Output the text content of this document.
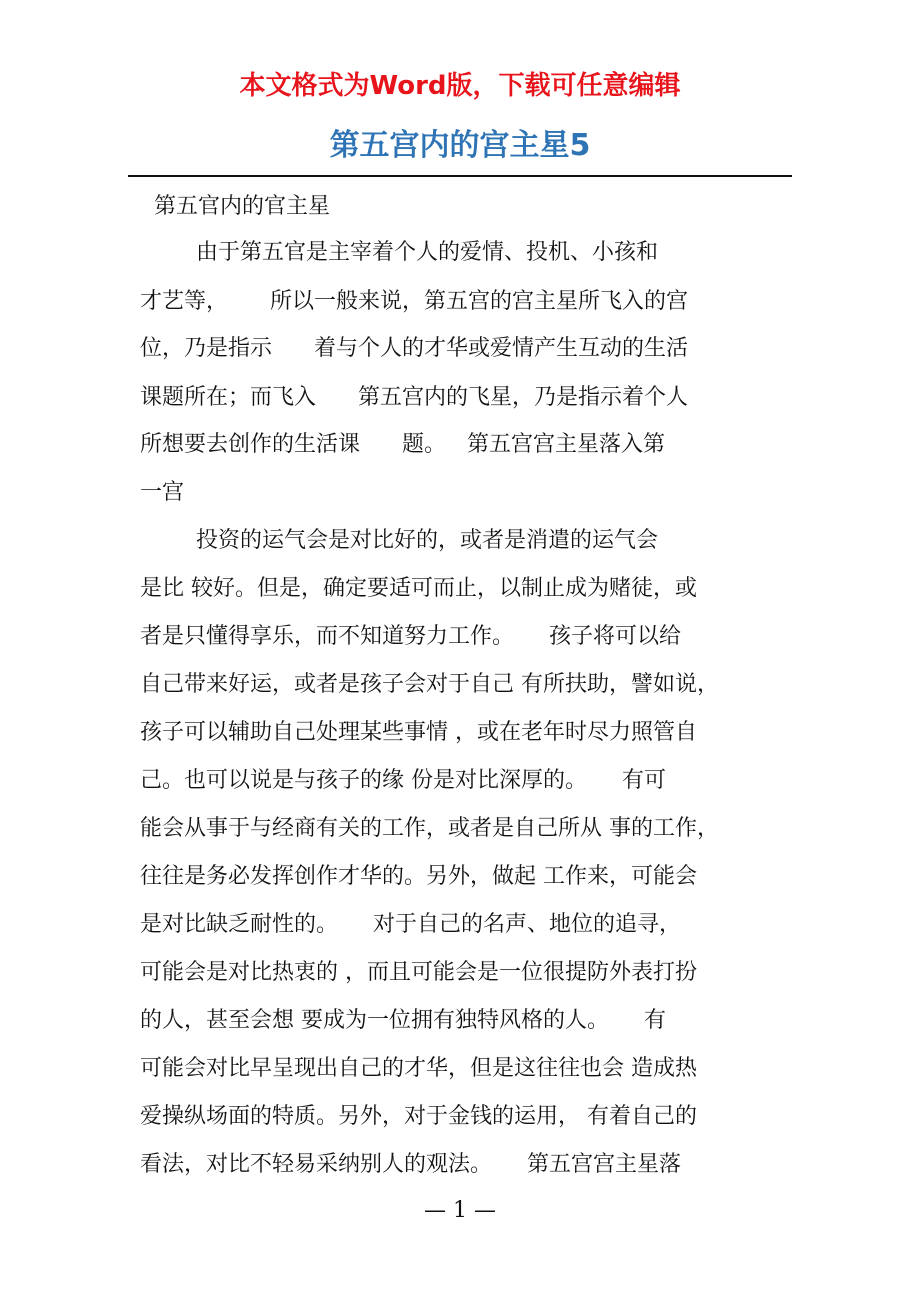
本文格式为Word版，下载可任意编辑
第五宫内的宫主星5
第五官内的官主星
由于第五官是主宰着个人的爱情、投机、小孩和
才艺等，      所以一般来说，第五宫的宫主星所飞入的宫
位，乃是指示      着与个人的才华或爱情产生互动的生活
课题所在；而飞入      第五宫内的飞星，乃是指示着个人
所想要去创作的生活课      题。   第五宫宫主星落入第
一宫
投资的运气会是对比好的，或者是消遣的运气会
是比 较好。但是，确定要适可而止，以制止成为赌徒，或
者是只懂得享乐，而不知道努力工作。     孩子将可以给
自己带来好运，或者是孩子会对于自己 有所扶助，譬如说，
孩子可以辅助自己处理某些事情 ，或在老年时尽力照管自
己。也可以说是与孩子的缘 份是对比深厚的。     有可
能会从事于与经商有关的工作，或者是自己所从 事的工作，
往往是务必发挥创作才华的。另外，做起 工作来，可能会
是对比缺乏耐性的。     对于自己的名声、地位的追寻，
可能会是对比热衷的 ，而且可能会是一位很提防外表打扮
的人，甚至会想 要成为一位拥有独特风格的人。     有
可能会对比早呈现出自己的才华，但是这往往也会 造成热
爱操纵场面的特质。另外，对于金钱的运用， 有着自己的
看法，对比不轻易采纳别人的观法。     第五宫宫主星落
— 1 —
